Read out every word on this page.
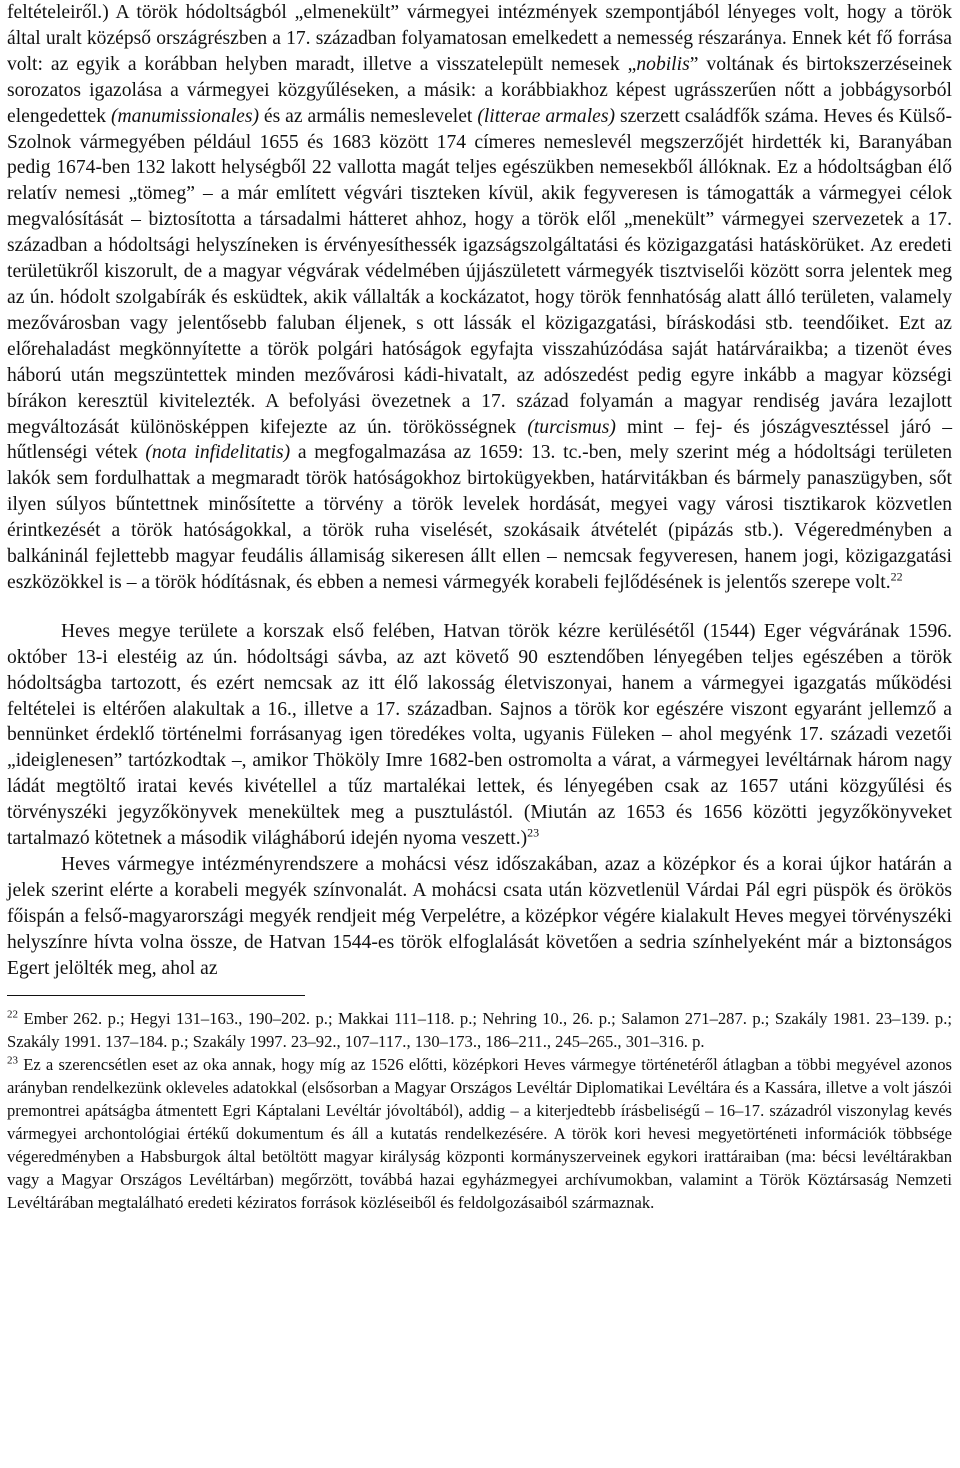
feltételeiről.) A török hódoltságból „elmenekült” vármegyei intézmények szempontjából lényeges volt, hogy a török által uralt középső országrészben a 17. században folyamatosan emelkedett a nemesség részaránya. Ennek két fő forrása volt: az egyik a korábban helyben maradt, illetve a visszatelepült nemesek „nobilis” voltának és birtokszerzéseinek sorozatos igazolása a vármegyei közgyűléseken, a másik: a korábbiakhoz képest ugrásszerűen nőtt a jobbágysorból elengedettek (manumissionales) és az armális nemeslevelet (litterae armales) szerzett családfők száma. Heves és Külső-Szolnok vármegyében például 1655 és 1683 között 174 címeres nemeslevél megszerzőjét hirdették ki, Baranyában pedig 1674-ben 132 lakott helységből 22 vallotta magát teljes egészükben nemesekből állóknak. Ez a hódoltságban élő relatív nemesi „tömeg” – a már említett végvári tiszteken kívül, akik fegyveresen is támogatták a vármegyei célok megvalósítását – biztosította a társadalmi hátteret ahhoz, hogy a török elől „menekült” vármegyei szervezetek a 17. században a hódoltsági helyszíneken is érvényesíthessék igazságszolgáltatási és közigazgatási hatáskörüket. Az eredeti területükről kiszorult, de a magyar végvárak védelmében újjászületett vármegyék tisztviselői között sorra jelentek meg az ún. hódolt szolgabírák és esküdtek, akik vállalták a kockázatot, hogy török fennhatóság alatt álló területen, valamely mezővárosban vagy jelentősebb faluban éljenek, s ott lássák el közigazgatási, bíráskodási stb. teendőiket. Ezt az előrehaladást megkönnyítette a török polgári hatóságok egyfajta visszahúzódása saját határváraikba; a tizenöt éves háború után megszüntettek minden mezővárosi kádi-hivatalt, az adószedést pedig egyre inkább a magyar községi bírákon keresztül kivitelezték. A befolyási övezetnek a 17. század folyamán a magyar rendiség javára lezajlott megváltozását különösképpen kifejezte az ún. törökösségnek (turcismus) mint – fej- és jószágvesztéssel járó – hűtlenségi vétek (nota infidelitatis) a megfogalmazása az 1659: 13. tc.-ben, mely szerint még a hódoltsági területen lakók sem fordulhattak a megmaradt török hatóságokhoz birtokügyekben, határvitákban és bármely panaszügyben, sőt ilyen súlyos bűntettnek minősítette a törvény a török levelek hordását, megyei vagy városi tisztikarok közvetlen érintkezését a török hatóságokkal, a török ruha viselését, szokásaik átvételét (pipázás stb.). Végeredményben a balkáninál fejlettebb magyar feudális államiság sikeresen állt ellen – nemcsak fegyveresen, hanem jogi, közigazgatási eszközökkel is – a török hódításnak, és ebben a nemesi vármegyék korabeli fejlődésének is jelentős szerepe volt.$^{22}$

Heves megye területe a korszak első felében, Hatvan török kézre kerülésétől (1544) Eger végvárának 1596. október 13-i elestéig az ún. hódoltsági sávba, az azt követő 90 esztendőben lényegében teljes egészében a török hódoltságba tartozott, és ezért nemcsak az itt élő lakosság életviszonyai, hanem a vármegyei igazgatás működési feltételei is eltérően alakultak a 16., illetve a 17. században. Sajnos a török kor egészére viszont egyaránt jellemző a bennünket érdeklő történelmi forrásanyag igen töredékes volta, ugyanis Füleken – ahol megyénk 17. századi vezetői „ideiglenesen” tartózkodtak –, amikor Thököly Imre 1682-ben ostromolta a várat, a vármegyei levéltárnak három nagy ládát megtöltő iratai kevés kivétellel a tűz martalékai lettek, és lényegében csak az 1657 utáni közgyűlési és törvényszéki jegyzőkönyvek menekültek meg a pusztulástól. (Miután az 1653 és 1656 közötti jegyzőkönyveket tartalmazó kötetnek a második világháború idején nyoma veszett.)$^{23}$

Heves vármegye intézményrendszere a mohácsi vész időszakában, azaz a középkor és a korai újkor határán a jelek szerint elérte a korabeli megyék színvonalát. A mohácsi csata után közvetlenül Várdai Pál egri püspök és örökös főispán a felső-magyarországi megyék rendjeit még Verpelétre, a középkor végére kialakult Heves megyei törvényszéki helyszínre hívta volna össze, de Hatvan 1544-es török elfoglalását követően a sedria színhelyeként már a biztonságos Egert jelölték meg, ahol az

$^{22}$ Ember 262. p.; Hegyi 131–163., 190–202. p.; Makkai 111–118. p.; Nehring 10., 26. p.; Salamon 271–287. p.; Szakály 1981. 23–139. p.; Szakály 1991. 137–184. p.; Szakály 1997. 23–92., 107–117., 130–173., 186–211., 245–265., 301–316. p.

$^{23}$ Ez a szerencsétlen eset az oka annak, hogy míg az 1526 előtti, középkori Heves vármegye történetéről átlagban a többi megyével azonos arányban rendelkezünk okleveles adatokkal (elsősorban a Magyar Országos Levéltár Diplomatikai Levéltára és a Kassára, illetve a volt jászói premontrei apátságba átmentett Egri Káptalani Levéltár jóvoltából), addig – a kiterjedtebb írásbeliségű – 16–17. századról viszonylag kevés vármegyei archontológiai értékű dokumentum és áll a kutatás rendelkezésére. A török kori hevesi megyetörténeti információk többsége végeredményben a Habsburgok által betöltött magyar királyság központi kormányszerveinek egykori irattáraiban (ma: bécsi levéltárakban vagy a Magyar Országos Levéltárban) megőrzött, továbbá hazai egyházmegyei archívumokban, valamint a Török Köztársaság Nemzeti Levéltárában megtalálható eredeti kéziratos források közléseiből és feldolgozásaiból származnak.
